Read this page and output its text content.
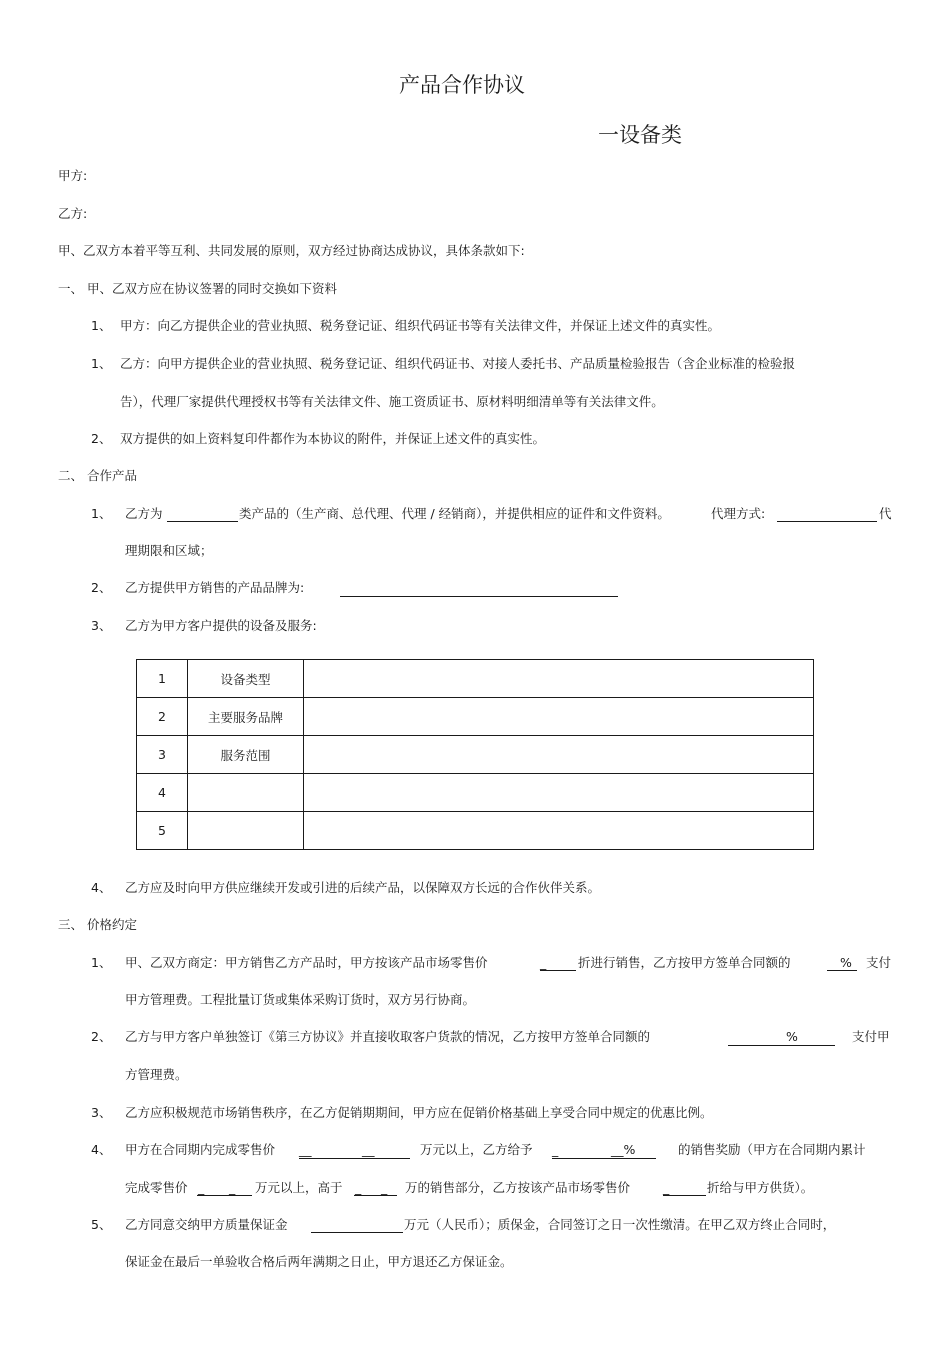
产品合作协议
一设备类
甲方:
乙方:
甲、乙双方本着平等互利、共同发展的原则，双方经过协商达成协议，具体条款如下:
一、 甲、乙双方应在协议签署的同时交换如下资料
1、 甲方：向乙方提供企业的营业执照、税务登记证、组织代码证书等有关法律文件，并保证上述文件的真实性。
1、 乙方：向甲方提供企业的营业执照、税务登记证、组织代码证书、对接人委托书、产品质量检验报告（含企业标准的检验报
告），代理厂家提供代理授权书等有关法律文件、施工资质证书、原材料明细清单等有关法律文件。
2、 双方提供的如上资料复印件都作为本协议的附件，并保证上述文件的真实性。
二、 合作产品
1、 乙方为	类产品的（生产商、总代理、代理 / 经销商），并提供相应的证件和文件资料。	代理方式:	代
理期限和区域；
2、 乙方提供甲方销售的产品品牌为:
3、 乙方为甲方客户提供的设备及服务:
1	设备类型	
2	主要服务品牌	
3	服务范围	
4		
5		
4、 乙方应及时向甲方供应继续开发或引进的后续产品，以保障双方长远的合作伙伴关系。
三、 价格约定
1、 甲、乙双方商定：甲方销售乙方产品时，甲方按该产品市场零售价	_	折进行销售，乙方按甲方签单合同额的	% 支付
甲方管理费。工程批量订货或集体采购订货时，双方另行协商。
2、 乙方与甲方客户单独签订《第三方协议》并直接收取客户货款的情况，乙方按甲方签单合同额的	%	支付甲
方管理费。
3、 乙方应积极规范市场销售秩序，在乙方促销期期间，甲方应在促销价格基础上享受合同中规定的优惠比例。
4、 甲方在合同期内完成零售价 __	__	万元以上，乙方给予 _	__%	的销售奖励（甲方在合同期内累计
完成零售价 _ _ 万元以上，高于 _ _ 万的销售部分，乙方按该产品市场零售价	_	折给与甲方供货）。
5、 乙方同意交纳甲方质量保证金	万元（人民币）；质保金，合同签订之日一次性缴清。在甲乙双方终止合同时，
保证金在最后一单验收合格后两年满期之日止，甲方退还乙方保证金。
